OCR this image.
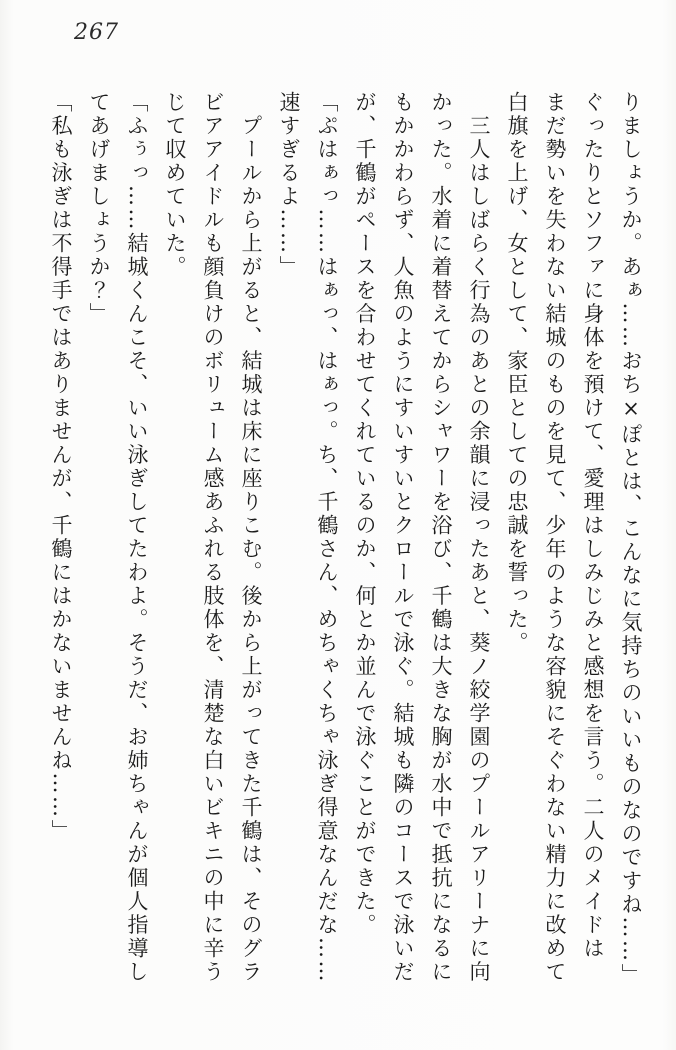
267

りましょうか。あぁ……おち×ぽとは、こんなに気持ちのいいものなのですね……」

ぐったりとソファに身体を預けて、愛理はしみじみと感想を言う。二人のメイドは

まだ勢いを失わない結城のものを見て、少年のような容貌にそぐわない精力に改めて

白旗を上げ、女として、家臣としての忠誠を誓った。

　三人はしばらく行為のあとの余韻に浸ったあと、葵ノ絞学園のプールアリーナに向

かった。水着に着替えてからシャワーを浴び、千鶴は大きな胸が水中で抵抗になるに

もかかわらず、人魚のようにすいすいとクロールで泳ぐ。結城も隣のコースで泳いだ

が、千鶴がペースを合わせてくれているのか、何とか並んで泳ぐことができた。

「ぷはぁっ……はぁっ、はぁっ。ち、千鶴さん、めちゃくちゃ泳ぎ得意なんだな……

速すぎるよ……」

　プールから上がると、結城は床に座りこむ。後から上がってきた千鶴は、そのグラ

ビアアイドルも顔負けのボリューム感あふれる肢体を、清楚な白いビキニの中に辛う

じて収めていた。

「ふぅっ……結城くんこそ、いい泳ぎしてたわよ。そうだ、お姉ちゃんが個人指導し

てあげましょうか？」

「私も泳ぎは不得手ではありませんが、千鶴にはかないませんね……」
